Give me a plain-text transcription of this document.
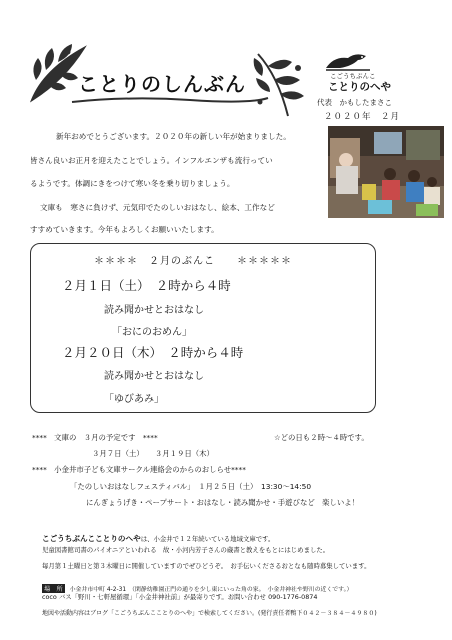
ことりのしんぶん	こごうちぶんこ
ことりのへや
代表　かもしたまさこ
２０２０年　２月
新年おめでとうございます。２０２０年の新しい年が始まりました。
皆さん良いお正月を迎えたことでしょう。インフルエンザも流行ってい
るようです。体調にきをつけて寒い冬を乗り切りましょう。
文庫も　寒さに負けず、元気印でたのしいおはなし、絵本、工作など
すすめていきます。今年もよろしくお願いいたします。
＊＊＊＊　２月のぶんこ　　＊＊＊＊＊
２月１日（土）　２時から４時
読み聞かせとおはなし
「おにのおめん」
２月２０日（木）　２時から４時
読み聞かせとおはなし
「ゆびあみ」
****　文庫の　３月の予定です　****	☆どの日も２時～４時です。
３月７日（土）　　３月１９日（木）
****　小金井市子ども文庫サークル連絡会のからのおしらせ****
「たのしいおはなしフェスティバル」　１月２５日（土）　13:30～14:50
にんぎょうげき・ペープサート・おはなし・読み聞かせ・手遊びなど　楽しいよ！
こごうちぶんこことりのへやは、小金井で１２年続いている地域文庫です。
児童図書館司書のパイオニアといわれる　故・小河内芳子さんの蔵書と教えをもとにはじめました。
毎月第１土曜日と第３木曜日に開催していますのでぜひどうぞ。　お手伝いくださるおとなも随時募集しています。
場　所 小金井市中町 4-2-31　（閑静幼稚園正門の通りを少し東にいった角の家。　小金井神社や野川の近くです。）
coco バス「野川・七軒屋循環」「小金井神社前」が最寄りです。お問い合わせ 090-1776-0874
地図や活動内容はブログ「こごうちぶんこことりのへや」で検索してください。(発行責任者鴨下０４２－３８４－４９８０)
